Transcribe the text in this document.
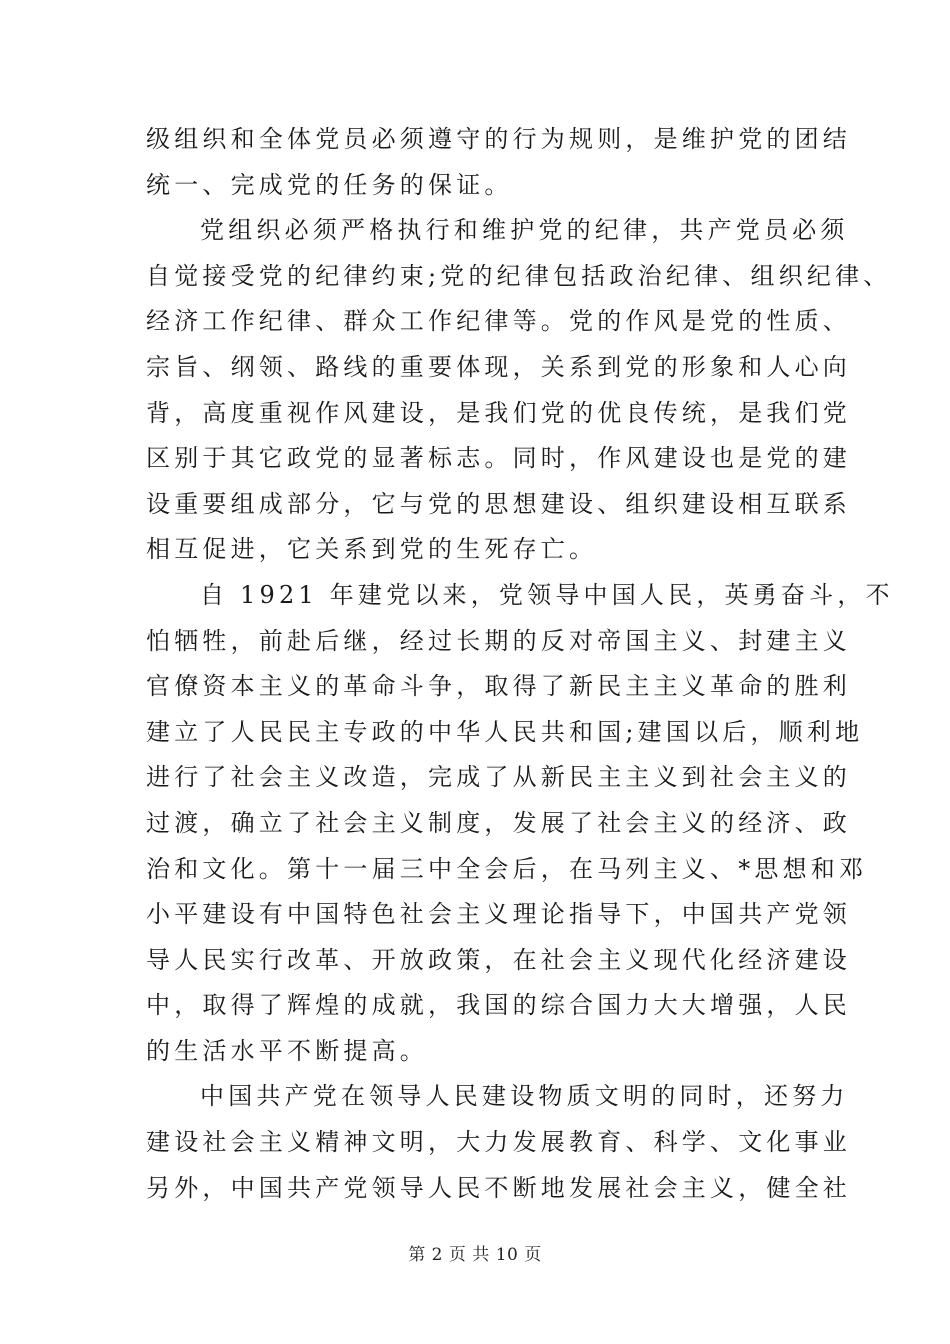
级组织和全体党员必须遵守的行为规则，是维护党的团结
统一、完成党的任务的保证。
党组织必须严格执行和维护党的纪律，共产党员必须
自觉接受党的纪律约束;党的纪律包括政治纪律、组织纪律、
经济工作纪律、群众工作纪律等。党的作风是党的性质、
宗旨、纲领、路线的重要体现，关系到党的形象和人心向
背，高度重视作风建设，是我们党的优良传统，是我们党
区别于其它政党的显著标志。同时，作风建设也是党的建
设重要组成部分，它与党的思想建设、组织建设相互联系
相互促进，它关系到党的生死存亡。
自 1921 年建党以来，党领导中国人民，英勇奋斗，不
怕牺牲，前赴后继，经过长期的反对帝国主义、封建主义
官僚资本主义的革命斗争，取得了新民主主义革命的胜利
建立了人民民主专政的中华人民共和国;建国以后，顺利地
进行了社会主义改造，完成了从新民主主义到社会主义的
过渡，确立了社会主义制度，发展了社会主义的经济、政
治和文化。第十一届三中全会后，在马列主义、*思想和邓
小平建设有中国特色社会主义理论指导下，中国共产党领
导人民实行改革、开放政策，在社会主义现代化经济建设
中，取得了辉煌的成就，我国的综合国力大大增强，人民
的生活水平不断提高。
中国共产党在领导人民建设物质文明的同时，还努力
建设社会主义精神文明，大力发展教育、科学、文化事业
另外，中国共产党领导人民不断地发展社会主义，健全社
第 2 页 共 10 页
